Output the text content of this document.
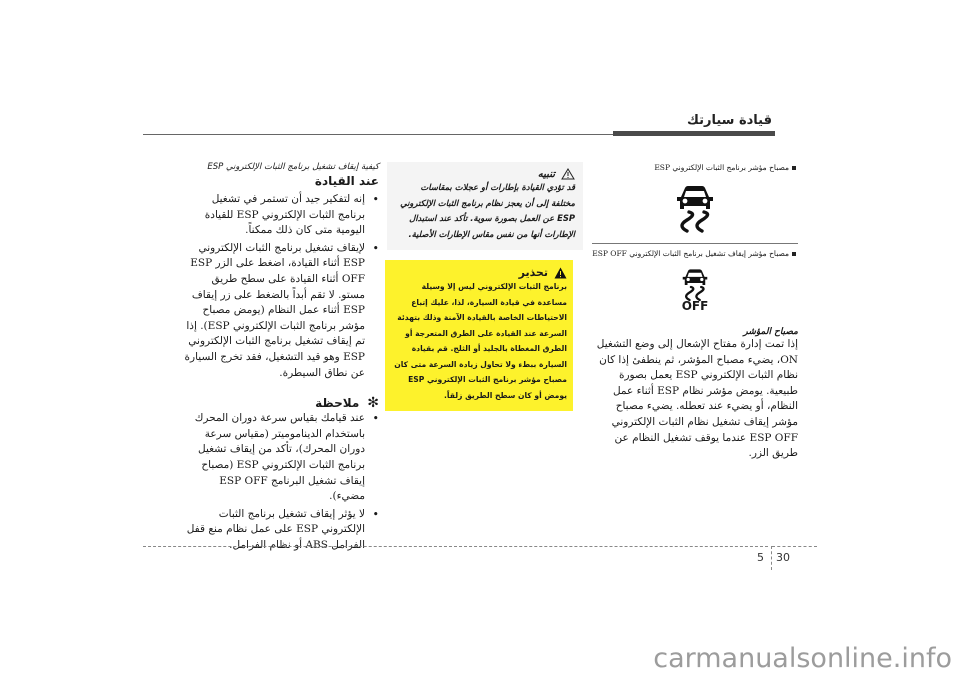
قيادة سيارتك
مصباح مؤشر برنامج الثبات الإلكتروني ESP
مصباح مؤشر إيقاف تشغيل برنامج الثبات الإلكتروني ESP OFF
OFF
مصباح المؤشر
إذا تمت إدارة مفتاح الإشعال إلى وضع التشغيل ON، يضيء مصباح المؤشر، ثم ينطفئ إذا كان نظام الثبات الإلكتروني ESP يعمل بصورة طبيعية. يومض مؤشر نظام ESP أثناء عمل النظام، أو يضيء عند تعطله. يضيء مصباح مؤشر إيقاف تشغيل نظام الثبات الإلكتروني ESP OFF عندما يوقف تشغيل النظام عن طريق الزر.
تنبيه
قد تؤدي القيادة بإطارات أو عجلات بمقاسات مختلفة إلى أن يعجز نظام برنامج الثبات الإلكتروني ESP عن العمل بصورة سوية. تأكد عند استبدال الإطارات أنها من نفس مقاس الإطارات الأصلية.
تحذير
برنامج الثبات الإلكتروني ليس إلا وسيلة مساعدة في قيادة السيارة، لذا، عليك إتباع الاحتياطات الخاصة بالقيادة الآمنة وذلك بتهدئة السرعة عند القيادة على الطرق المتعرجة أو الطرق المغطاة بالجليد أو الثلج. قم بقيادة السيارة ببطء ولا تحاول زيادة السرعة متى كان مصباح مؤشر برنامج الثبات الإلكتروني ESP يومض أو كان سطح الطريق زلقاً.
كيفية إيقاف تشغيل برنامج الثبات الإلكتروني ESP
عند القيادة
• إنه لتفكير جيد أن تستمر في تشغيل برنامج الثبات الإلكتروني ESP للقيادة اليومية متى كان ذلك ممكناً.
• لإيقاف تشغيل برنامج الثبات الإلكتروني ESP أثناء القيادة، اضغط على الزر ESP OFF أثناء القيادة على سطح طريق مستو. لا تقم أبداً بالضغط على زر إيقاف ESP أثناء عمل النظام (يومض مصباح مؤشر برنامج الثبات الإلكتروني ESP). إذا تم إيقاف تشغيل برنامج الثبات الإلكتروني ESP وهو قيد التشغيل، فقد تخرج السيارة عن نطاق السيطرة.
✻
ملاحظة
• عند قيامك بقياس سرعة دوران المحرك باستخدام الديناموميتر (مقياس سرعة دوران المحرك)، تأكد من إيقاف تشغيل برنامج الثبات الإلكتروني ESP (مصباح إيقاف تشغيل البرنامج ESP OFF مضيء).
• لا يؤثر إيقاف تشغيل برنامج الثبات الإلكتروني ESP على عمل نظام منع قفل الفرامل ABS أو نظام الفرامل.
5 30
carmanualsonline.info
